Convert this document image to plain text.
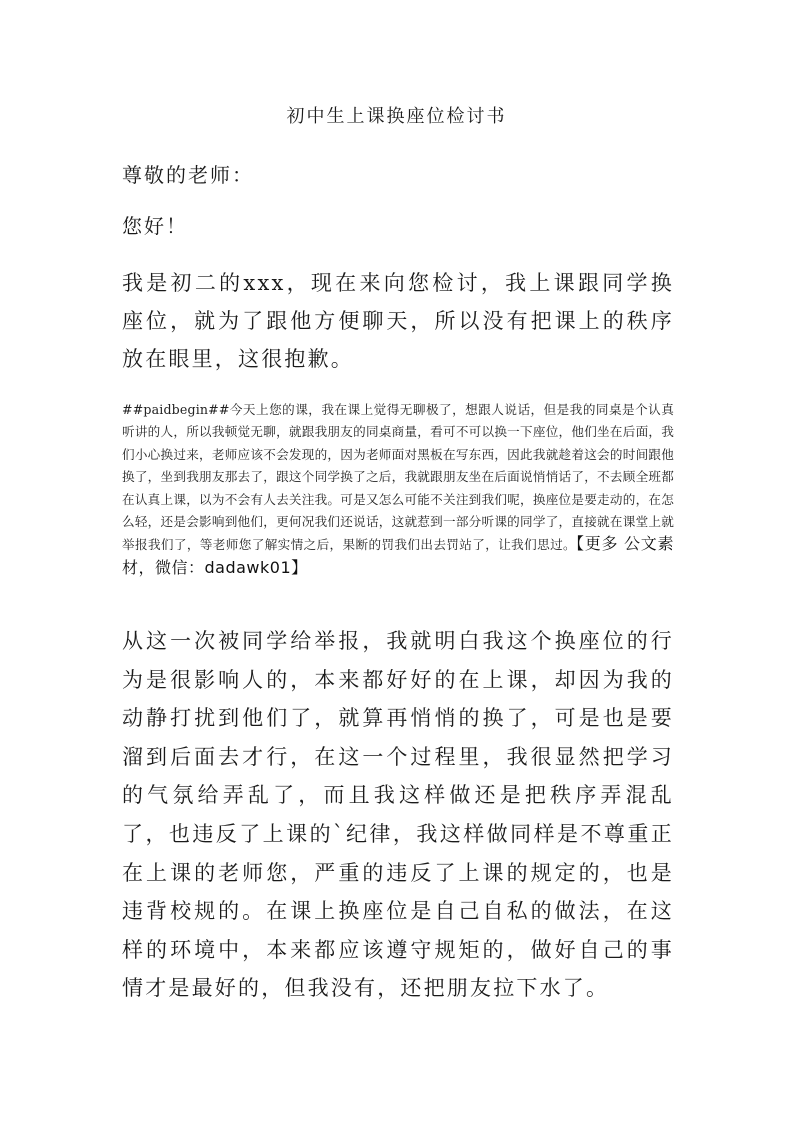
初中生上课换座位检讨书

尊敬的老师：

您好！

我是初二的xxx，现在来向您检讨，我上课跟同学换座位，就为了跟他方便聊天，所以没有把课上的秩序放在眼里，这很抱歉。

##paidbegin##今天上您的课，我在课上觉得无聊极了，想跟人说话，但是我的同桌是个认真听讲的人，所以我顿觉无聊，就跟我朋友的同桌商量，看可不可以换一下座位，他们坐在后面，我们小心换过来，老师应该不会发现的，因为老师面对黑板在写东西，因此我就趁着这会的时间跟他换了，坐到我朋友那去了，跟这个同学换了之后，我就跟朋友坐在后面说悄悄话了，不去顾全班都在认真上课，以为不会有人去关注我。可是又怎么可能不关注到我们呢，换座位是要走动的，在怎么轻，还是会影响到他们，更何况我们还说话，这就惹到一部分听课的同学了，直接就在课堂上就举报我们了，等老师您了解实情之后，果断的罚我们出去罚站了，让我们思过。【更多 公文素材，微信：dadawk01】

从这一次被同学给举报，我就明白我这个换座位的行为是很影响人的，本来都好好的在上课，却因为我的动静打扰到他们了，就算再悄悄的换了，可是也是要溜到后面去才行，在这一个过程里，我很显然把学习的气氛给弄乱了，而且我这样做还是把秩序弄混乱了，也违反了上课的`纪律，我这样做同样是不尊重正在上课的老师您，严重的违反了上课的规定的，也是违背校规的。在课上换座位是自己自私的做法，在这样的环境中，本来都应该遵守规矩的，做好自己的事情才是最好的，但我没有，还把朋友拉下水了。
